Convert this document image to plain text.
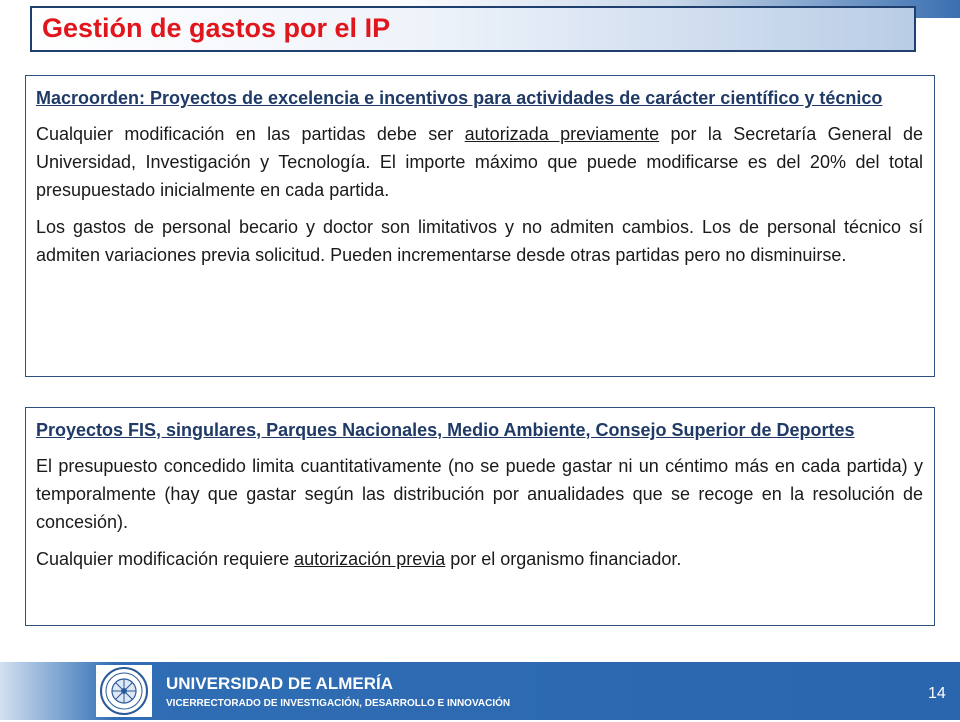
Gestión de gastos por el IP

Macroorden: Proyectos de excelencia e incentivos para actividades de carácter científico y técnico

Cualquier modificación en las partidas debe ser autorizada previamente por la Secretaría General de Universidad, Investigación y Tecnología. El importe máximo que puede modificarse es del 20% del total presupuestado inicialmente en cada partida.

Los gastos de personal becario y doctor son limitativos y no admiten cambios. Los de personal técnico sí admiten variaciones previa solicitud. Pueden incrementarse desde otras partidas pero no disminuirse.

Proyectos FIS, singulares, Parques Nacionales, Medio Ambiente, Consejo Superior de Deportes

El presupuesto concedido limita cuantitativamente (no se puede gastar ni un céntimo más en cada partida) y temporalmente (hay que gastar según las distribución por anualidades que se recoge en la resolución de concesión).

Cualquier modificación requiere autorización previa por el organismo financiador.

UNIVERSIDAD DE ALMERÍA
VICERRECTORADO DE INVESTIGACIÓN, DESARROLLO E INNOVACIÓN
14
